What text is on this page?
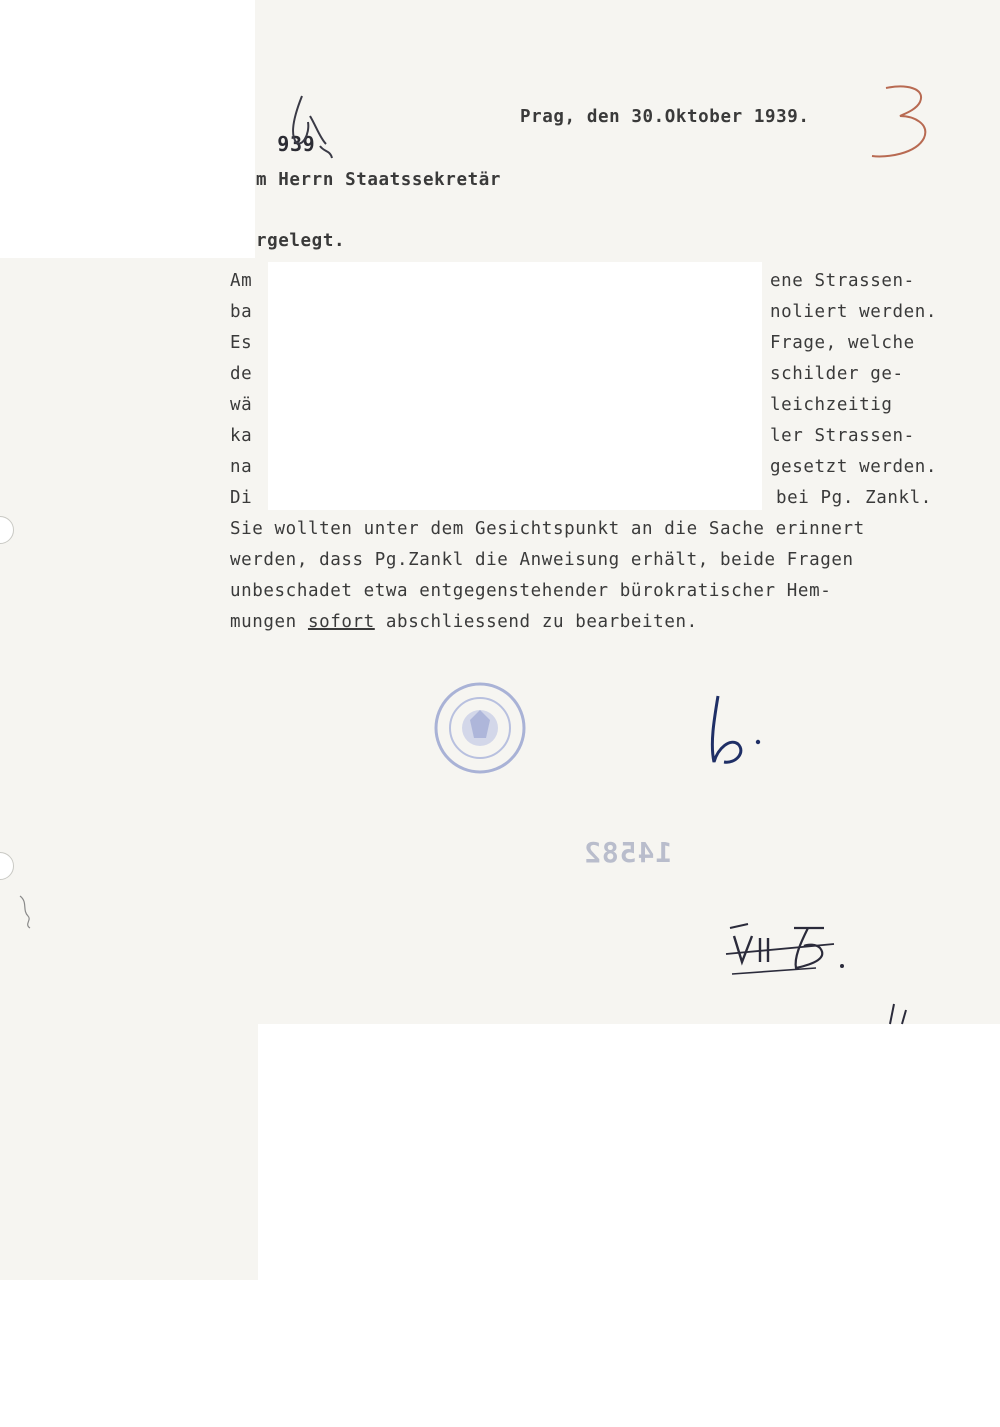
939

Prag, den 30.Oktober 1939.
m Herrn Staatssekretär
rgelegt.
Am	ene Strassen-
ba	noliert werden.
Es	Frage, welche
de	schilder ge-
wä	leichzeitig
ka	ler Strassen-
na	gesetzt werden.
Di	bei Pg. Zankl.
Sie wollten unter dem Gesichtspunkt an die Sache erinnert
werden, dass Pg.Zankl die Anweisung erhält, beide Fragen
unbeschadet etwa entgegenstehender bürokratischer Hem-
mungen sofort abschliessend zu bearbeiten.
14582
